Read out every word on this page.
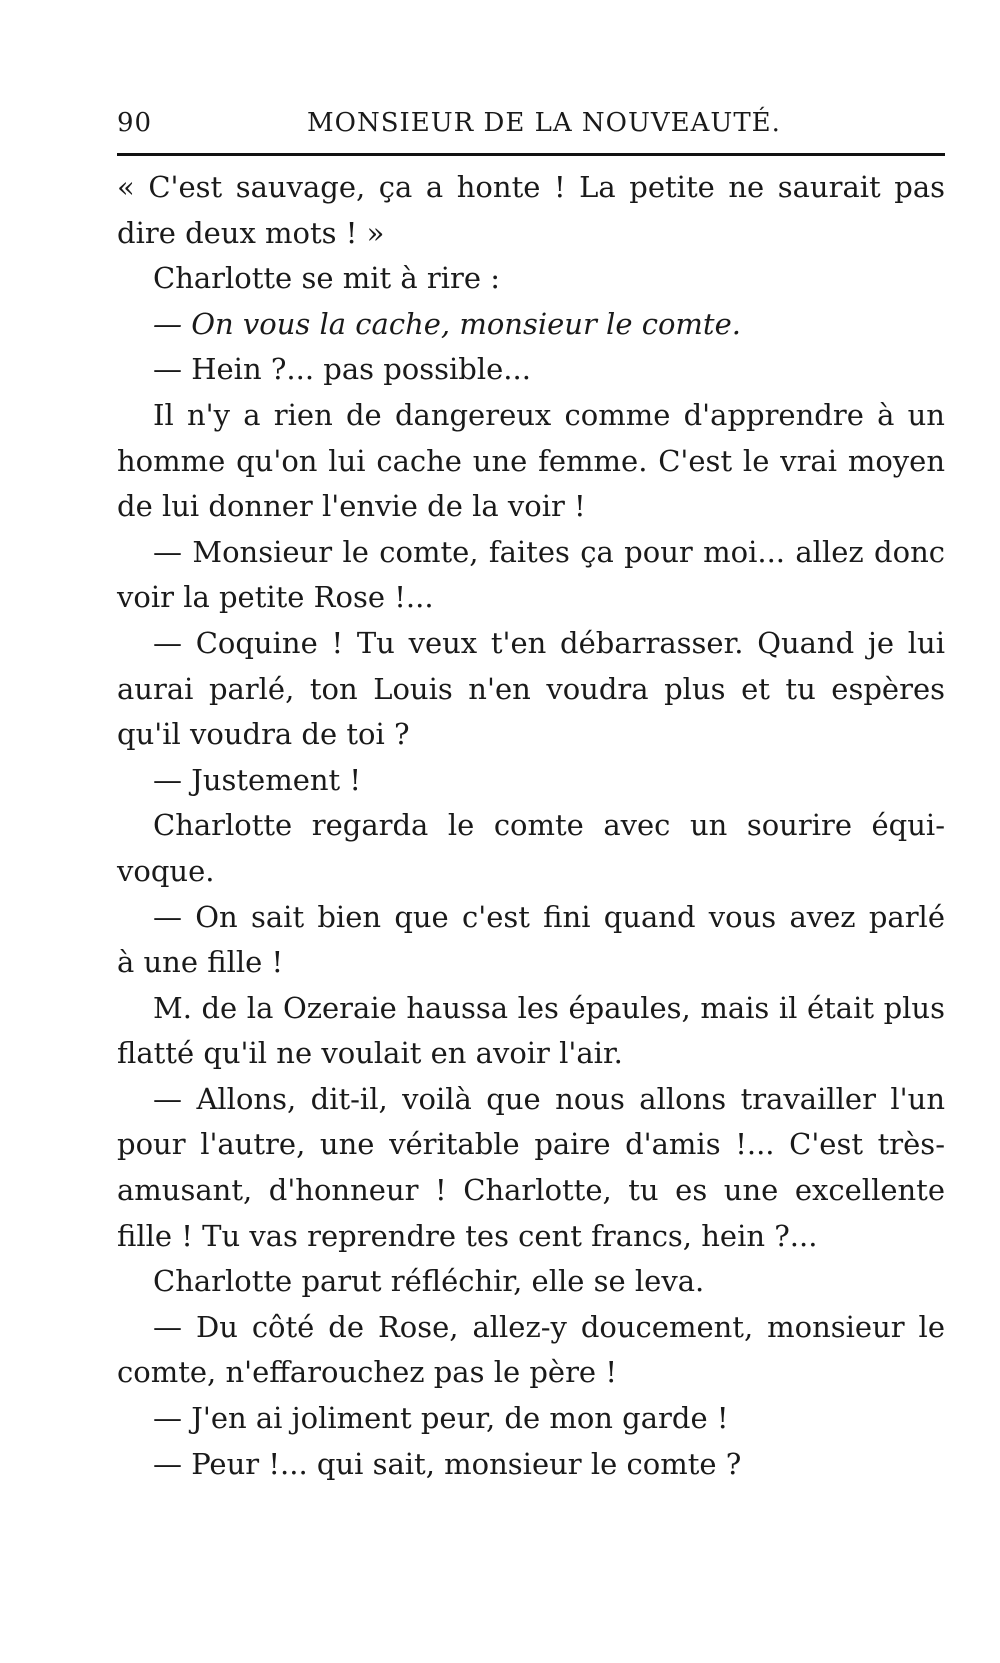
90	MONSIEUR DE LA NOUVEAUTÉ.
« C'est sauvage, ça a honte ! La petite ne saurait pas
dire deux mots ! »
Charlotte se mit à rire :
— On vous la cache, monsieur le comte.
— Hein ?... pas possible...
Il n'y a rien de dangereux comme d'apprendre à un
homme qu'on lui cache une femme. C'est le vrai moyen
de lui donner l'envie de la voir !
— Monsieur le comte, faites ça pour moi... allez donc
voir la petite Rose !...
— Coquine ! Tu veux t'en débarrasser. Quand je lui
aurai parlé, ton Louis n'en voudra plus et tu espères
qu'il voudra de toi ?
— Justement !
Charlotte regarda le comte avec un sourire équi-
voque.
— On sait bien que c'est fini quand vous avez parlé
à une fille !
M. de la Ozeraie haussa les épaules, mais il était plus
flatté qu'il ne voulait en avoir l'air.
— Allons, dit-il, voilà que nous allons travailler l'un
pour l'autre, une véritable paire d'amis !... C'est très-
amusant, d'honneur ! Charlotte, tu es une excellente
fille ! Tu vas reprendre tes cent francs, hein ?...
Charlotte parut réfléchir, elle se leva.
— Du côté de Rose, allez-y doucement, monsieur le
comte, n'effarouchez pas le père !
— J'en ai joliment peur, de mon garde !
— Peur !... qui sait, monsieur le comte ?
